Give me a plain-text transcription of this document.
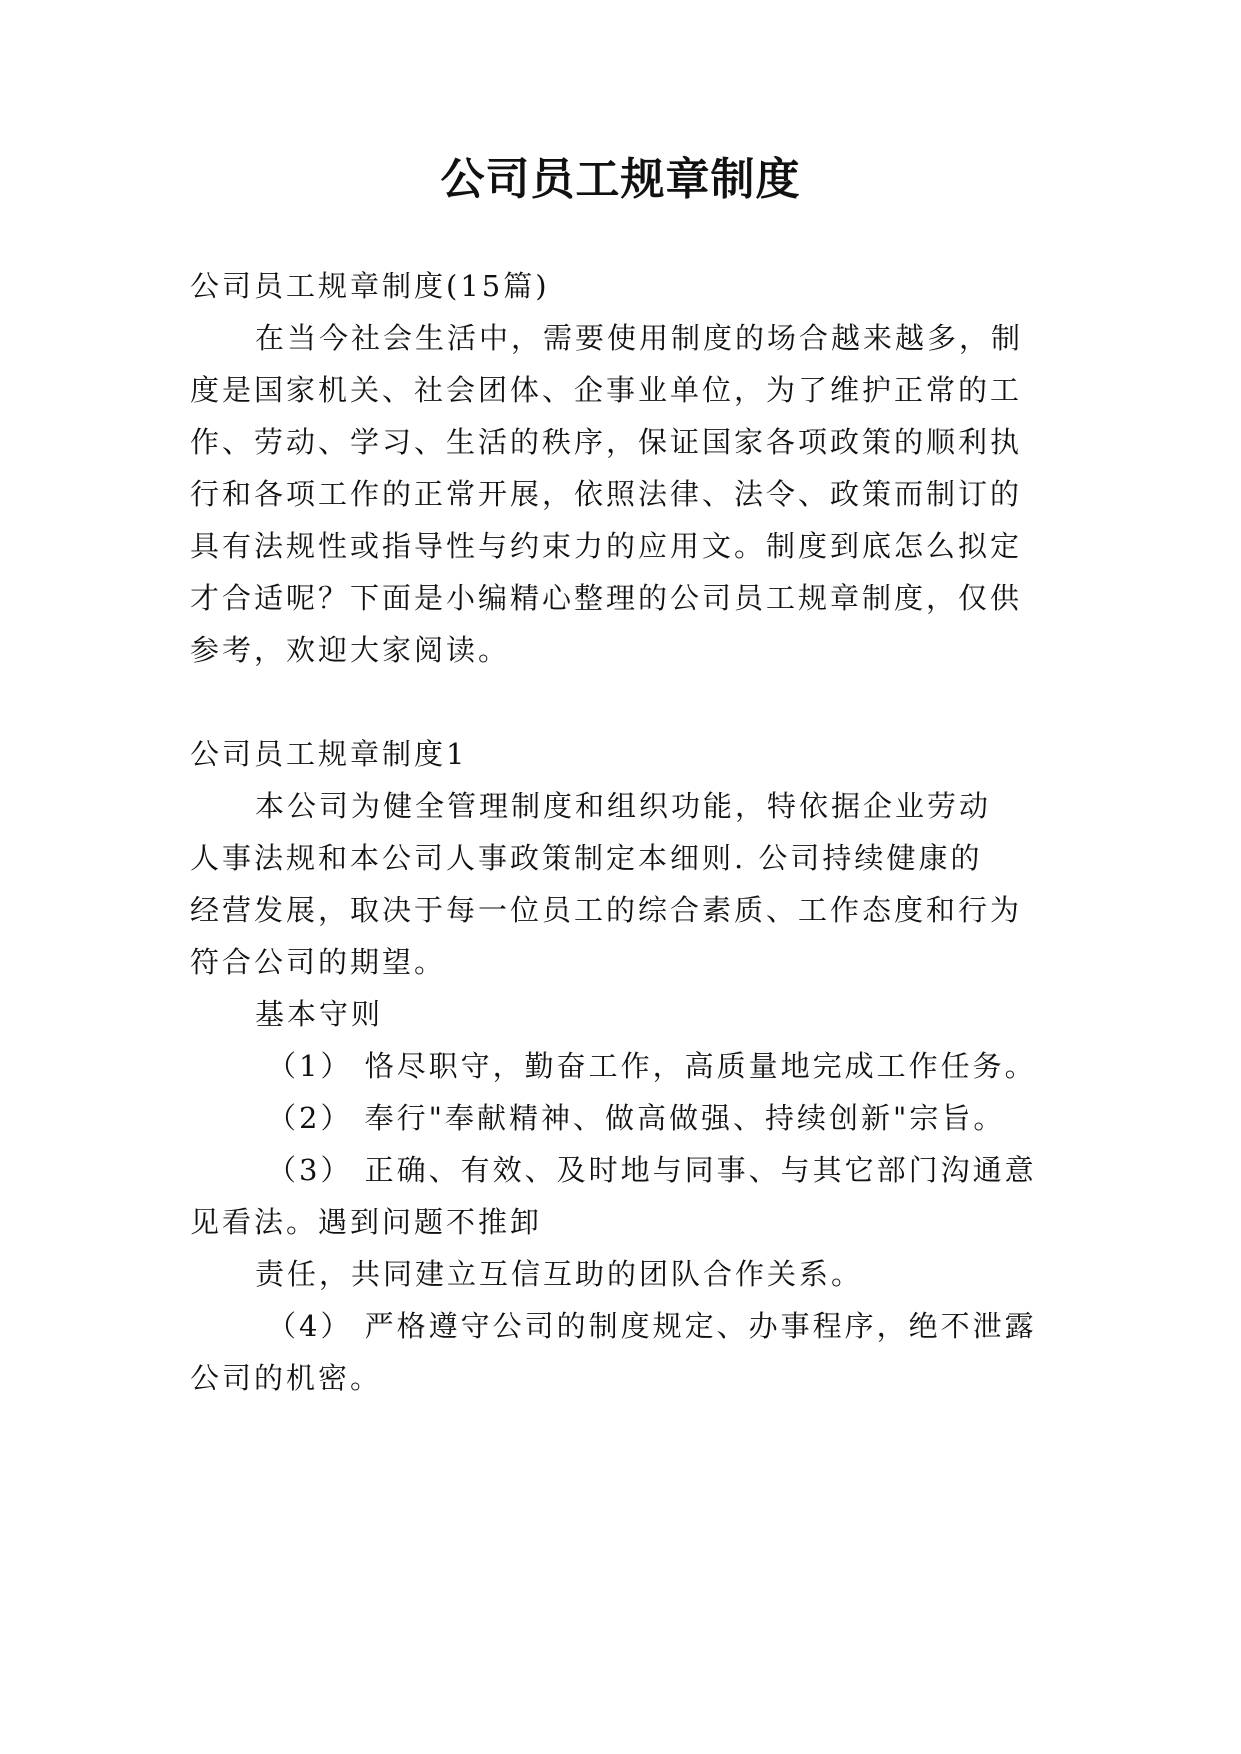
公司员工规章制度

公司员工规章制度(15篇)

在当今社会生活中，需要使用制度的场合越来越多，制

度是国家机关、社会团体、企事业单位，为了维护正常的工

作、劳动、学习、生活的秩序，保证国家各项政策的顺利执

行和各项工作的正常开展，依照法律、法令、政策而制订的

具有法规性或指导性与约束力的应用文。制度到底怎么拟定

才合适呢？下面是小编精心整理的公司员工规章制度，仅供

参考，欢迎大家阅读。

公司员工规章制度1

本公司为健全管理制度和组织功能，特依据企业劳动

人事法规和本公司人事政策制定本细则. 公司持续健康的

经营发展，取决于每一位员工的综合素质、工作态度和行为

符合公司的期望。

基本守则

（1） 恪尽职守，勤奋工作，高质量地完成工作任务。

（2） 奉行"奉献精神、做高做强、持续创新"宗旨。

（3） 正确、有效、及时地与同事、与其它部门沟通意

见看法。遇到问题不推卸

责任，共同建立互信互助的团队合作关系。

（4） 严格遵守公司的制度规定、办事程序，绝不泄露

公司的机密。
